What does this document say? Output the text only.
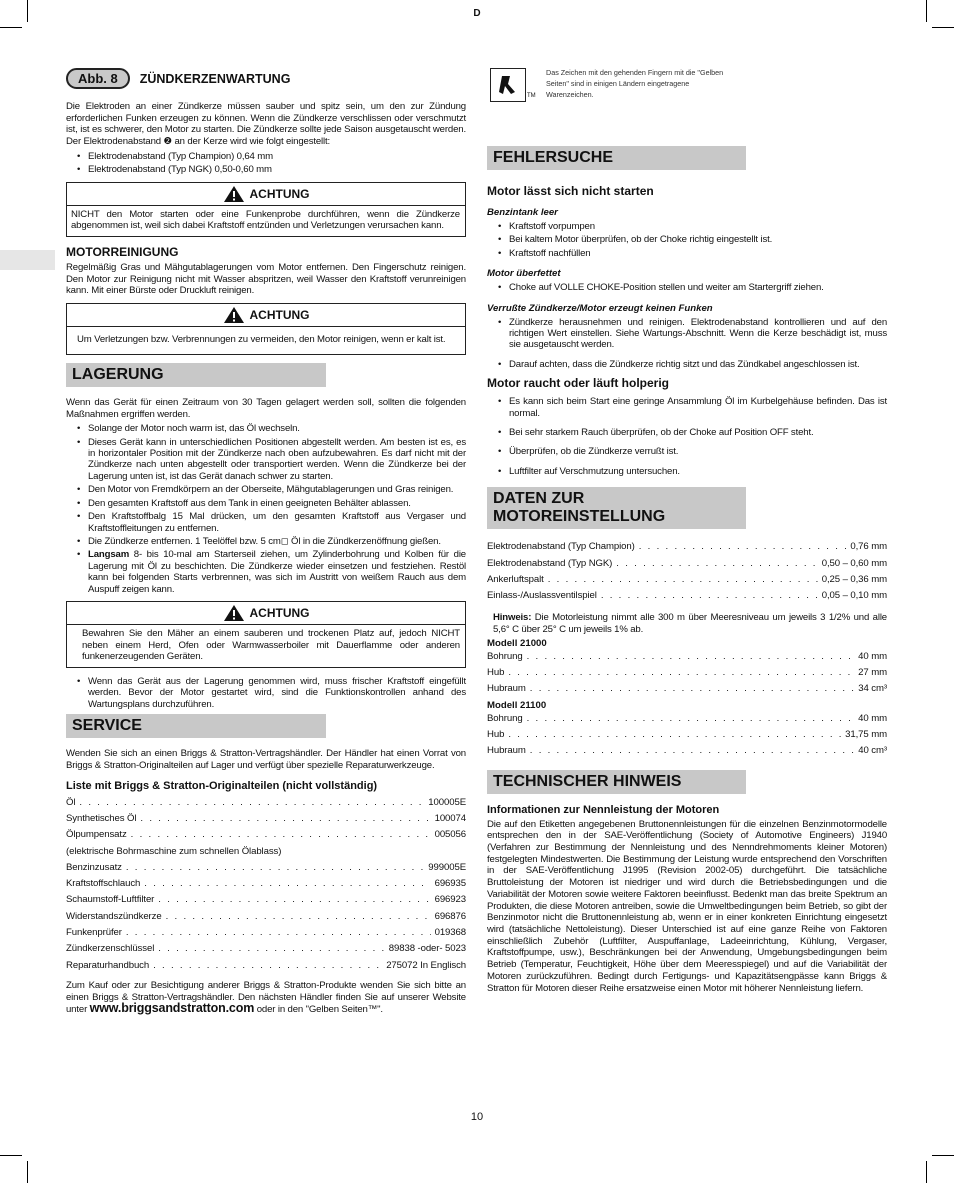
D
Abb. 8	ZÜNDKERZENWARTUNG

Die Elektroden an einer Zündkerze müssen sauber und spitz sein, um den zur Zündung erforderlichen Funken erzeugen zu können. Wenn die Zündkerze verschlissen oder verschmutzt ist, ist es schwerer, den Motor zu starten. Die Zündkerze sollte jede Saison ausgetauscht werden. Der Elektrodenabstand ❷ an der Kerze wird wie folgt eingestellt:

• Elektrodenabstand (Typ Champion) 0,64 mm
• Elektrodenabstand (Typ NGK) 0,50-0,60 mm
ACHTUNG
NICHT den Motor starten oder eine Funkenprobe durchführen, wenn die Zündkerze abgenommen ist, weil sich dabei Kraftstoff entzünden und Verletzungen verursachen kann.
MOTORREINIGUNG

Regelmäßig Gras und Mähgutablagerungen vom Motor entfernen. Den Fingerschutz reinigen. Den Motor zur Reinigung nicht mit Wasser abspritzen, weil Wasser den Kraftstoff verunreinigen kann. Mit einer Bürste oder Druckluft reinigen.

ACHTUNG
Um Verletzungen bzw. Verbrennungen zu vermeiden, den Motor reinigen, wenn er kalt ist.
LAGERUNG

Wenn das Gerät für einen Zeitraum von 30 Tagen gelagert werden soll, sollten die folgenden Maßnahmen ergriffen werden.

• Solange der Motor noch warm ist, das Öl wechseln.
• Dieses Gerät kann in unterschiedlichen Positionen abgestellt werden. Am besten ist es, es in horizontaler Position mit der Zündkerze nach oben aufzubewahren. Es darf nicht mit der Zündkerze nach unten abgestellt oder transportiert werden. Wenn die Zündkerze bei der Lagerung unten ist, ist das Gerät danach schwer zu starten.
• Den Motor von Fremdkörpern an der Oberseite, Mähgutablagerungen und Gras reinigen.
• Den gesamten Kraftstoff aus dem Tank in einen geeigneten Behälter ablassen.
• Den Kraftstoffbalg 15 Mal drücken, um den gesamten Kraftstoff aus Vergaser und Kraftstoffleitungen zu entfernen.
• Die Zündkerze entfernen. 1 Teelöffel bzw. 5 cm◻ Öl in die Zündkerzenöffnung gießen.
• Langsam 8- bis 10-mal am Starterseil ziehen, um Zylinderbohrung und Kolben für die Lagerung mit Öl zu beschichten. Die Zündkerze wieder einsetzen und festziehen. Restöl kann bei folgenden Starts verbrennen, was sich im Austritt von weißem Rauch aus dem Auspuff zeigen kann.
ACHTUNG
Bewahren Sie den Mäher an einem sauberen und trockenen Platz auf, jedoch NICHT neben einem Herd, Ofen oder Warmwasserboiler mit Dauerflamme oder anderen funkenerzeugenden Geräten.
• Wenn das Gerät aus der Lagerung genommen wird, muss frischer Kraftstoff eingefüllt werden. Bevor der Motor gestartet wird, sind die Funktionskontrollen anhand des Wartungsplans durchzuführen.
SERVICE

Wenden Sie sich an einen Briggs & Stratton-Vertragshändler. Der Händler hat einen Vorrat von Briggs & Stratton-Originalteilen auf Lager und verfügt über spezielle Reparaturwerkzeuge.

Liste mit Briggs & Stratton-Originalteilen (nicht vollständig)
Öl . . .	100005E
Synthetisches Öl . . .	100074
Ölpumpensatz . . .	005056
(elektrische Bohrmaschine zum schnellen Ölablass)
Benzinzusatz . . .	999005E
Kraftstoffschlauch . . .	696935
Schaumstoff-Luftfilter . . .	696923
Widerstandszündkerze . . .	696876
Funkenprüfer . . .	019368
Zündkerzenschlüssel . . .	89838 -oder- 5023
Reparaturhandbuch . . .	275072 In Englisch

Zum Kauf oder zur Besichtigung anderer Briggs & Stratton-Produkte wenden Sie sich bitte an einen Briggs & Stratton-Vertragshändler. Den nächsten Händler finden Sie auf unserer Website unter www.briggsandstratton.com oder in den "Gelben Seiten™".

TM
Das Zeichen mit den gehenden Fingern mit die "Gelben Seiten" sind in einigen Ländern eingetragene Warenzeichen.
FEHLERSUCHE
Motor lässt sich nicht starten
Benzintank leer
• Kraftstoff vorpumpen
• Bei kaltem Motor überprüfen, ob der Choke richtig eingestellt ist.
• Kraftstoff nachfüllen
Motor überfettet
• Choke auf VOLLE CHOKE-Position stellen und weiter am Startergriff ziehen.
Verrußte Zündkerze/Motor erzeugt keinen Funken
• Zündkerze herausnehmen und reinigen. Elektrodenabstand kontrollieren und auf den richtigen Wert einstellen. Siehe Wartungs-Abschnitt. Wenn die Kerze beschädigt ist, muss sie ausgetauscht werden.
• Darauf achten, dass die Zündkerze richtig sitzt und das Zündkabel angeschlossen ist.
Motor raucht oder läuft holperig
• Es kann sich beim Start eine geringe Ansammlung Öl im Kurbelgehäuse befinden. Das ist normal.
• Bei sehr starkem Rauch überprüfen, ob der Choke auf Position OFF steht.
• Überprüfen, ob die Zündkerze verrußt ist.
• Luftfilter auf Verschmutzung untersuchen.
DATEN ZUR MOTOREINSTELLUNG
Elektrodenabstand (Typ Champion) . . .	0,76 mm
Elektrodenabstand (Typ NGK) . . .	0,50 – 0,60 mm
Ankerluftspalt . . .	0,25 – 0,36 mm
Einlass-/Auslassventilspiel . . .	0,05 – 0,10 mm

Hinweis: Die Motorleistung nimmt alle 300 m über Meeresniveau um jeweils 3 1/2% und alle 5,6° C über 25° C um jeweils 1% ab.

Modell 21000
Bohrung . . .	40 mm
Hub . . .	27 mm
Hubraum . . .	34 cm³
Modell 21100
Bohrung . . .	40 mm
Hub . . .	31,75 mm
Hubraum . . .	40 cm³
TECHNISCHER HINWEIS
Informationen zur Nennleistung der Motoren

Die auf den Etiketten angegebenen Bruttonennleistungen für die einzelnen Benzinmotormodelle entsprechen den in der SAE-Veröffentlichung (Society of Automotive Engineers) J1940 (Verfahren zur Bestimmung der Nennleistung und des Nenndrehmoments kleiner Motoren) festgelegten Mindestwerten. Die Bestimmung der Leistung wurde entsprechend den Vorschriften in der SAE-Veröffentlichung J1995 (Revision 2002-05) durchgeführt. Die tatsächliche Bruttoleistung der Motoren ist niedriger und wird durch die Betriebsbedingungen und die Variabilität der Motoren sowie weitere Faktoren beeinflusst. Bedenkt man das breite Spektrum an Produkten, die diese Motoren antreiben, sowie die Umweltbedingungen beim Betrieb, so gibt der Benzinmotor nicht die Bruttonennleistung ab, wenn er in einer konkreten Einrichtung eingesetzt wird (tatsächliche Nettoleistung). Dieser Unterschied ist auf eine ganze Reihe von Faktoren einschließlich Zubehör (Luftfilter, Auspuffanlage, Ladeeinrichtung, Kühlung, Vergaser, Kraftstoffpumpe, usw.), Beschränkungen bei der Anwendung, Umgebungsbedingungen beim Betrieb (Temperatur, Feuchtigkeit, Höhe über dem Meeresspiegel) und auf die Variabilität der Motoren zurückzuführen. Bedingt durch Fertigungs- und Kapazitätsengpässe kann Briggs & Stratton für Motoren dieser Reihe ersatzweise einen Motor mit höherer Nennleistung liefern.

10
